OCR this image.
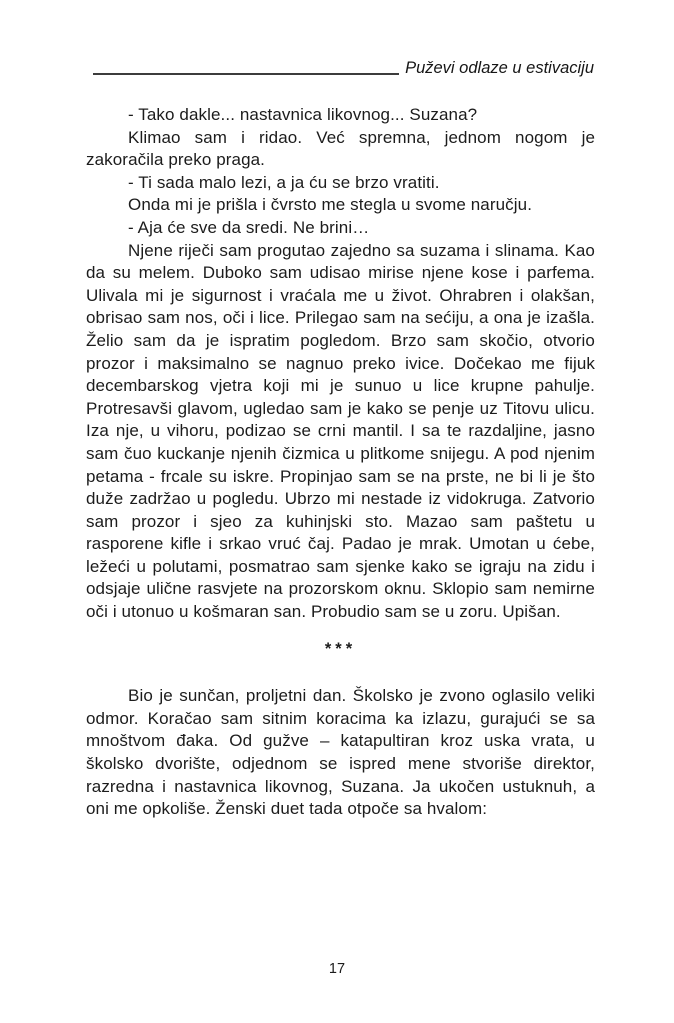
Puževi odlaze u estivaciju

- Tako dakle... nastavnica likovnog... Suzana?

Klimao sam i ridao. Već spremna, jednom nogom je zakoračila preko praga.

- Ti sada malo lezi, a ja ću se brzo vratiti.

Onda mi je prišla i čvrsto me stegla u svome naručju.

- Aja će sve da sredi. Ne brini…

Njene riječi sam progutao zajedno sa suzama i slinama. Kao da su melem. Duboko sam udisao mirise njene kose i parfema. Ulivala mi je sigurnost i vraćala me u život. Ohrabren i olakšan, obrisao sam nos, oči i lice. Prilegao sam na sećiju, a ona je izašla. Želio sam da je ispratim pogledom. Brzo sam skočio, otvorio prozor i maksimalno se nagnuo preko ivice. Dočekao me fijuk decembarskog vjetra koji mi je sunuo u lice krupne pahulje. Protresavši glavom, ugledao sam je kako se penje uz Titovu ulicu. Iza nje, u vihoru, podizao se crni mantil. I sa te razdaljine, jasno sam čuo kuckanje njenih čizmica u plitkome snijegu. A pod njenim petama - frcale su iskre. Propinjao sam se na prste, ne bi li je što duže zadržao u pogledu. Ubrzo mi nestade iz vidokruga. Zatvorio sam prozor i sjeo za kuhinjski sto. Mazao sam paštetu u rasporene kifle i srkao vruć čaj. Padao je mrak. Umotan u ćebe, ležeći u polutami, posmatrao sam sjenke kako se igraju na zidu i odsjaje ulične rasvjete na prozorskom oknu. Sklopio sam nemirne oči i utonuo u košmaran san. Probudio sam se u zoru. Upišan.

***

Bio je sunčan, proljetni dan. Školsko je zvono oglasilo veliki odmor. Koračao sam sitnim koracima ka izlazu, gurajući se sa mnoštvom đaka. Od gužve – katapultiran kroz uska vrata, u školsko dvorište, odjednom se ispred mene stvoriše direktor, razredna i nastavnica likovnog, Suzana. Ja ukočen ustuknuh, a oni me opkoliše. Ženski duet tada otpoče sa hvalom:

17
